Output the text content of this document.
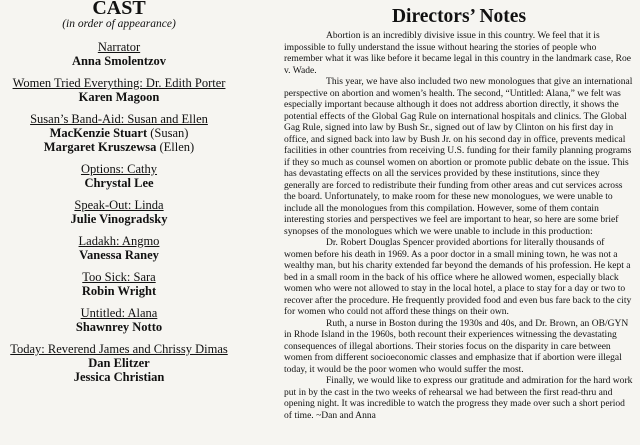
CAST
(in order of appearance)
Narrator
Anna Smolentzov
Women Tried Everything: Dr. Edith Porter
Karen Magoon
Susan’s Band-Aid: Susan and Ellen
MacKenzie Stuart (Susan)
Margaret Kruszewsa (Ellen)
Options: Cathy
Chrystal Lee
Speak-Out: Linda
Julie Vinogradsky
Ladakh: Angmo
Vanessa Raney
Too Sick: Sara
Robin Wright
Untitled: Alana
Shawnrey Notto
Today: Reverend James and Chrissy Dimas
Dan Elitzer
Jessica Christian
Directors’ Notes

Abortion is an incredibly divisive issue in this country. We feel that it is impossible to fully understand the issue without hearing the stories of people who remember what it was like before it became legal in this country in the landmark case, Roe v. Wade.

This year, we have also included two new monologues that give an international perspective on abortion and women’s health. The second, “Untitled: Alana,” we felt was especially important because although it does not address abortion directly, it shows the potential effects of the Global Gag Rule on international hospitals and clinics. The Global Gag Rule, signed into law by Bush Sr., signed out of law by Clinton on his first day in office, and signed back into law by Bush Jr. on his second day in office, prevents medical facilities in other countries from receiving U.S. funding for their family planning programs if they so much as counsel women on abortion or promote public debate on the issue. This has devastating effects on all the services provided by these institutions, since they generally are forced to redistribute their funding from other areas and cut services across the board. Unfortunately, to make room for these new monologues, we were unable to include all the monologues from this compilation. However, some of them contain interesting stories and perspectives we feel are important to hear, so here are some brief synopses of the monologues which we were unable to include in this production:

Dr. Robert Douglas Spencer provided abortions for literally thousands of women before his death in 1969. As a poor doctor in a small mining town, he was not a wealthy man, but his charity extended far beyond the demands of his profession. He kept a bed in a small room in the back of his office where he allowed women, especially black women who were not allowed to stay in the local hotel, a place to stay for a day or two to recover after the procedure. He frequently provided food and even bus fare back to the city for women who could not afford these things on their own.

Ruth, a nurse in Boston during the 1930s and 40s, and Dr. Brown, an OB/GYN in Rhode Island in the 1960s, both recount their experiences witnessing the devastating consequences of illegal abortions. Their stories focus on the disparity in care between women from different socioeconomic classes and emphasize that if abortion were illegal today, it would be the poor women who would suffer the most.

Finally, we would like to express our gratitude and admiration for the hard work put in by the cast in the two weeks of rehearsal we had between the first read-thru and opening night. It was incredible to watch the progress they made over such a short period of time. ~Dan and Anna
